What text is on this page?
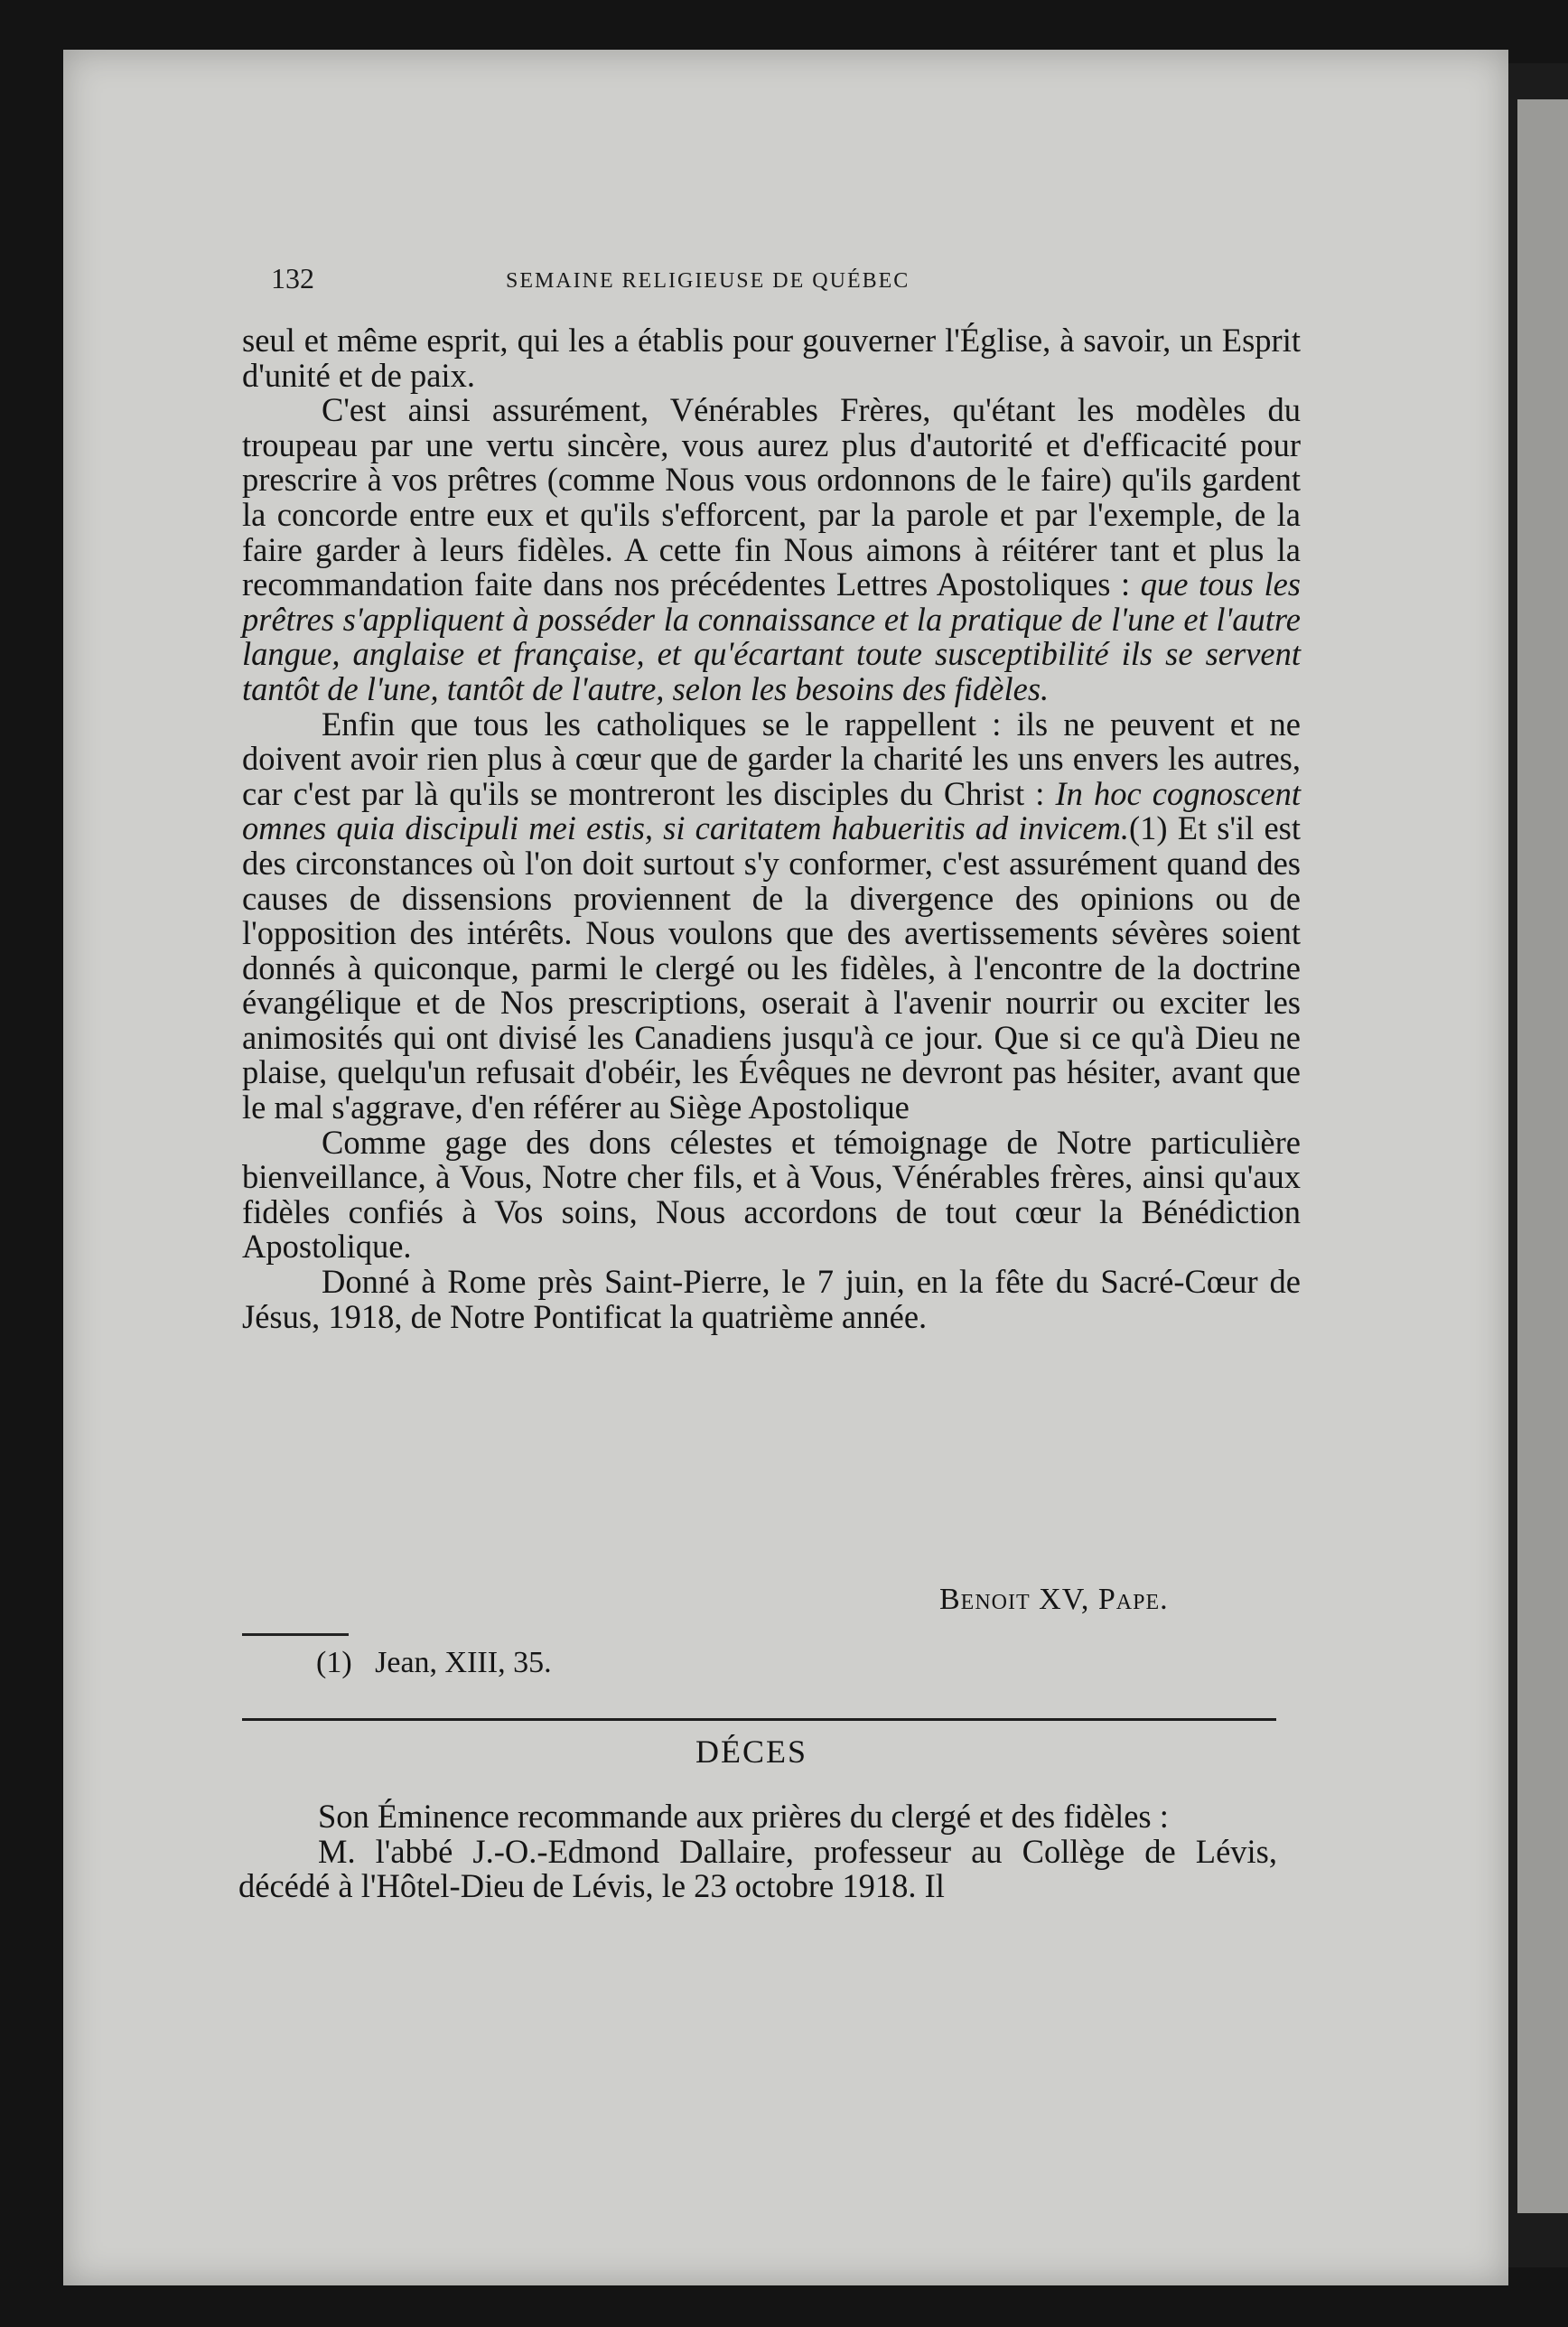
132	SEMAINE RELIGIEUSE DE QUÉBEC

seul et même esprit, qui les a établis pour gouverner l'Église, à savoir, un Esprit d'unité et de paix.

C'est ainsi assurément, Vénérables Frères, qu'étant les modèles du troupeau par une vertu sincère, vous aurez plus d'autorité et d'efficacité pour prescrire à vos prêtres (comme Nous vous ordonnons de le faire) qu'ils gardent la concorde entre eux et qu'ils s'efforcent, par la parole et par l'exemple, de la faire garder à leurs fidèles. A cette fin Nous aimons à réitérer tant et plus la recommandation faite dans nos précédentes Lettres Apostoliques : que tous les prêtres s'appliquent à posséder la connaissance et la pratique de l'une et l'autre langue, anglaise et française, et qu'écartant toute susceptibilité ils se servent tantôt de l'une, tantôt de l'autre, selon les besoins des fidèles.

Enfin que tous les catholiques se le rappellent : ils ne peuvent et ne doivent avoir rien plus à cœur que de garder la charité les uns envers les autres, car c'est par là qu'ils se montreront les disciples du Christ : In hoc cognoscent omnes quia discipuli mei estis, si caritatem habueritis ad invicem.(1) Et s'il est des circonstances où l'on doit surtout s'y conformer, c'est assurément quand des causes de dissensions proviennent de la divergence des opinions ou de l'opposition des intérêts. Nous voulons que des avertissements sévères soient donnés à quiconque, parmi le clergé ou les fidèles, à l'encontre de la doctrine évangélique et de Nos prescriptions, oserait à l'avenir nourrir ou exciter les animosités qui ont divisé les Canadiens jusqu'à ce jour. Que si ce qu'à Dieu ne plaise, quelqu'un refusait d'obéir, les Évêques ne devront pas hésiter, avant que le mal s'aggrave, d'en référer au Siège Apostolique

Comme gage des dons célestes et témoignage de Notre particulière bienveillance, à Vous, Notre cher fils, et à Vous, Vénérables frères, ainsi qu'aux fidèles confiés à Vos soins, Nous accordons de tout cœur la Bénédiction Apostolique.

Donné à Rome près Saint-Pierre, le 7 juin, en la fête du Sacré-Cœur de Jésus, 1918, de Notre Pontificat la quatrième année.

Benoit XV, Pape.
(1)   Jean, XIII, 35.
DÉCES

Son Éminence recommande aux prières du clergé et des fidèles :

M. l'abbé J.-O.-Edmond Dallaire, professeur au Collège de Lévis, décédé à l'Hôtel-Dieu de Lévis, le 23 octobre 1918. Il
